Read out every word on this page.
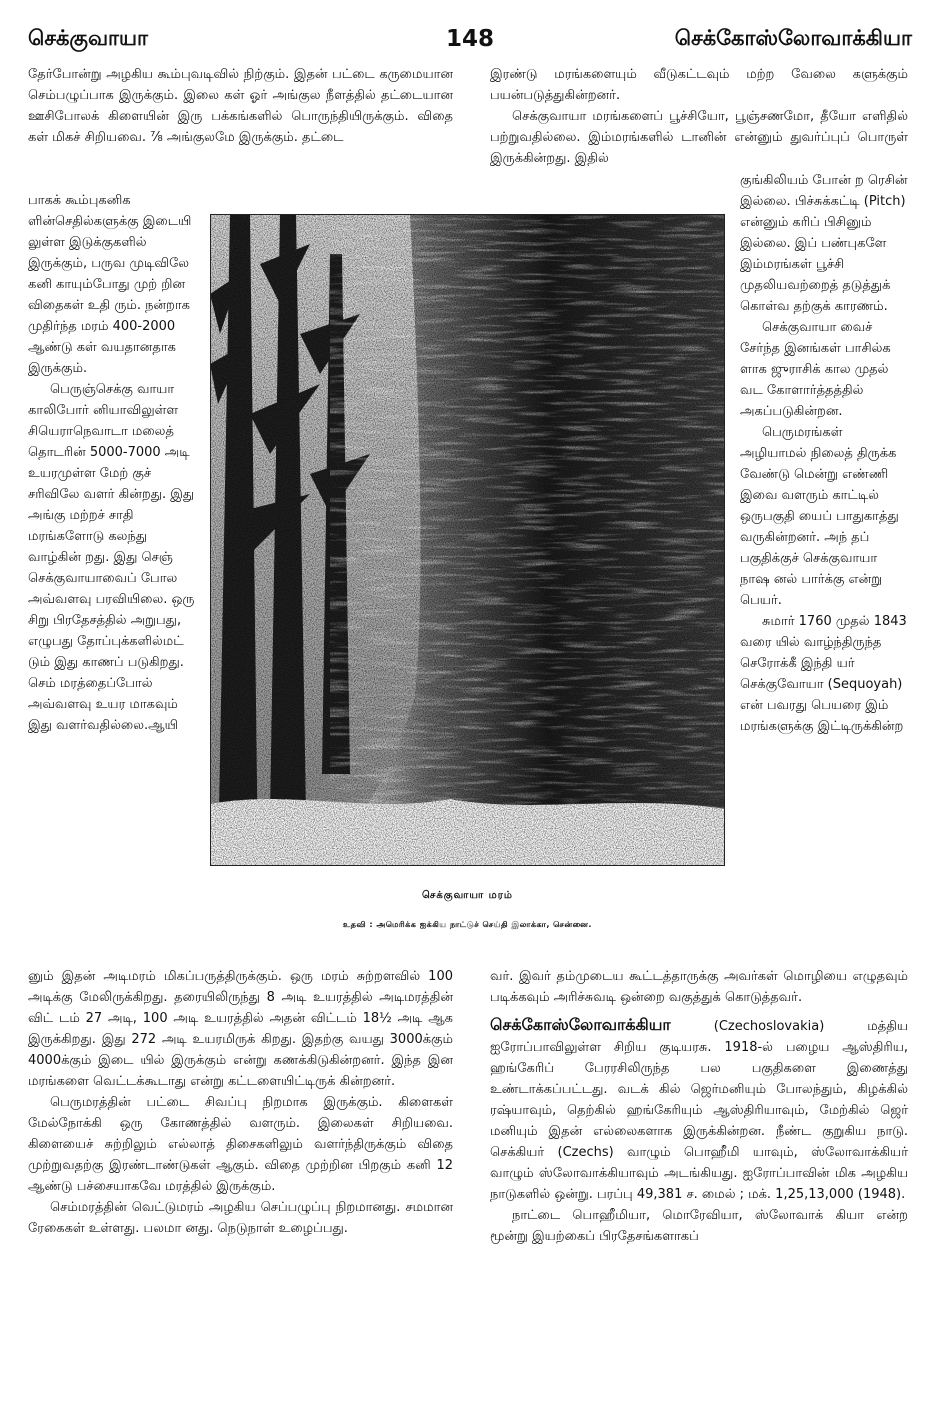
செக்குவாயா	148	செக்கோஸ்லோவாக்கியா

தேர்போன்று அழகிய கூம்புவடிவில் நிற்கும். இதன் பட்டை கருமையான செம்பழுப்பாக இருக்கும். இலை கள் ஓர் அங்குல நீளத்தில் தட்டையான ஊசிபோலக் கிளையின் இரு பக்கங்களில் பொருந்தியிருக்கும். விதை கள் மிகச் சிறியவை. ⅞ அங்குலமே இருக்கும். தட்டை

பாகக் கூம்புகனிக ளின்செதில்களுக்கு இடையி லுள்ள இடுக்குகளில் இருக்கும், பருவ முடிவிலே கனி காயும்போது முற் றின விதைகள் உதி ரும். நன்றாக முதிர்ந்த மரம் 400-2000 ஆண்டு கள் வயதானதாக இருக்கும்.

பெருஞ்செக்கு வாயா காலிபோர் னியாவிலுள்ள சியெராநெவாடா மலைத் தொடரின் 5000-7000 அடி உயரமுள்ள மேற் குச் சரிவிலே வளர் கின்றது. இது அங்கு மற்றச் சாதி மரங்களோடு கலந்து வாழ்கின் றது. இது செஞ் செக்குவாயாவைப் போல அவ்வளவு பரவியிலை. ஒரு சிறு பிரதேசத்தில் அறுபது, எழுபது தோப்புக்களில்மட் டும் இது காணப் படுகிறது. செம் மரத்தைப்போல் அவ்வளவு உயர மாகவும் இது வளர்வதில்லை.ஆயி

இரண்டு மரங்களையும் வீடுகட்டவும் மற்ற வேலை களுக்கும் பயன்படுத்துகின்றனர்.

செக்குவாயா மரங்களைப் பூச்சியோ, பூஞ்சணமோ, தீயோ எளிதில் பற்றுவதில்லை. இம்மரங்களில் டானின் என்னும் துவர்ப்புப் பொருள் இருக்கின்றது. இதில்

குங்கிலியம் போன் ற ரெசின் இல்லை. பிச்சுக்கட்டி (Pitch) என்னும் கரிப் பிசினும் இல்லை. இப் பண்புகளே இம்மரங்கள் பூச்சி முதலியவற்றைத் தடுத்துக் கொள்வ தற்குக் காரணம்.

செக்குவாயா வைச் சேர்ந்த இனங்கள் பாசில்க ளாக ஜுராசிக் கால முதல் வட கோளார்த்தத்தில் அகப்படுகின்றன.

பெருமரங்கள் அழியாமல் நிலைத் திருக்க வேண்டு மென்று எண்ணி இவை வளரும் காட்டில் ஒருபகுதி யைப் பாதுகாத்து வருகின்றனர். அந் தப் பகுதிக்குச் செக்குவாயா நாஷ னல் பார்க்கு என்று பெயர்.

சுமார் 1760 முதல் 1843 வரை யில் வாழ்ந்திருந்த செரோக்கீ இந்தி யர் செக்குவோயா (Sequoyah) என் பவரது பெயரை இம் மரங்களுக்கு இட்டிருக்கின்ற

செக்குவாயா மரம்
உதவி : அமெரிக்க ஐக்கிய நாட்டுச் செய்தி இலாக்கா, சென்னை.

னும் இதன் அடிமரம் மிகப்பருத்திருக்கும். ஒரு மரம் சுற்றளவில் 100 அடிக்கு மேலிருக்கிறது. தரையிலிருந்து 8 அடி உயரத்தில் அடிமரத்தின் விட் டம் 27 அடி, 100 அடி உயரத்தில் அதன் விட்டம் 18½ அடி ஆக இருக்கிறது. இது 272 அடி உயரமிருக் கிறது. இதற்கு வயது 3000க்கும் 4000க்கும் இடை யில் இருக்கும் என்று கணக்கிடுகின்றனர். இந்த இன மரங்களை வெட்டக்கூடாது என்று கட்டளையிட்டிருக் கின்றனர்.

பெருமரத்தின் பட்டை சிவப்பு நிறமாக இருக்கும். கிளைகள் மேல்நோக்கி ஒரு கோணத்தில் வளரும். இலைகள் சிறியவை. கிளையைச் சுற்றிலும் எல்லாத் திசைகளிலும் வளர்ந்திருக்கும் விதை முற்றுவதற்கு இரண்டாண்டுகள் ஆகும். விதை முற்றின பிறகும் கனி 12 ஆண்டு பச்சையாகவே மரத்தில் இருக்கும்.

செம்மரத்தின் வெட்டுமரம் அழகிய செப்பழுப்பு நிறமானது. சமமான ரேகைகள் உள்ளது. பலமா னது. நெடுநாள் உழைப்பது.

வர். இவர் தம்முடைய கூட்டத்தாருக்கு அவர்கள் மொழியை எழுதவும் படிக்கவும் அரிச்சுவடி ஒன்றை வகுத்துக் கொடுத்தவர்.

செக்கோஸ்லோவாக்கியா (Czechoslovakia) மத்திய ஐரோப்பாவிலுள்ள சிறிய குடியரசு. 1918-ல் பழைய ஆஸ்திரிய, ஹங்கேரிப் பேரரசிலிருந்த பல பகுதிகளை இணைத்து உண்டாக்கப்பட்டது. வடக் கில் ஜெர்மனியும் போலந்தும், கிழக்கில் ரஷ்யாவும், தெற்கில் ஹங்கேரியும் ஆஸ்திரியாவும், மேற்கில் ஜெர் மனியும் இதன் எல்லைகளாக இருக்கின்றன. நீண்ட குறுகிய நாடு. செக்கியர் (Czechs) வாழும் பொஹீமி யாவும், ஸ்லோவாக்கியர் வாழும் ஸ்லோவாக்கியாவும் அடங்கியது. ஐரோப்பாவின் மிக அழகிய நாடுகளில் ஒன்று. பரப்பு 49,381 ச. மைல் ; மக். 1,25,13,000 (1948).

நாட்டை பொஹீமியா, மொரேவியா, ஸ்லோவாக் கியா என்ற மூன்று இயற்கைப் பிரதேசங்களாகப்
